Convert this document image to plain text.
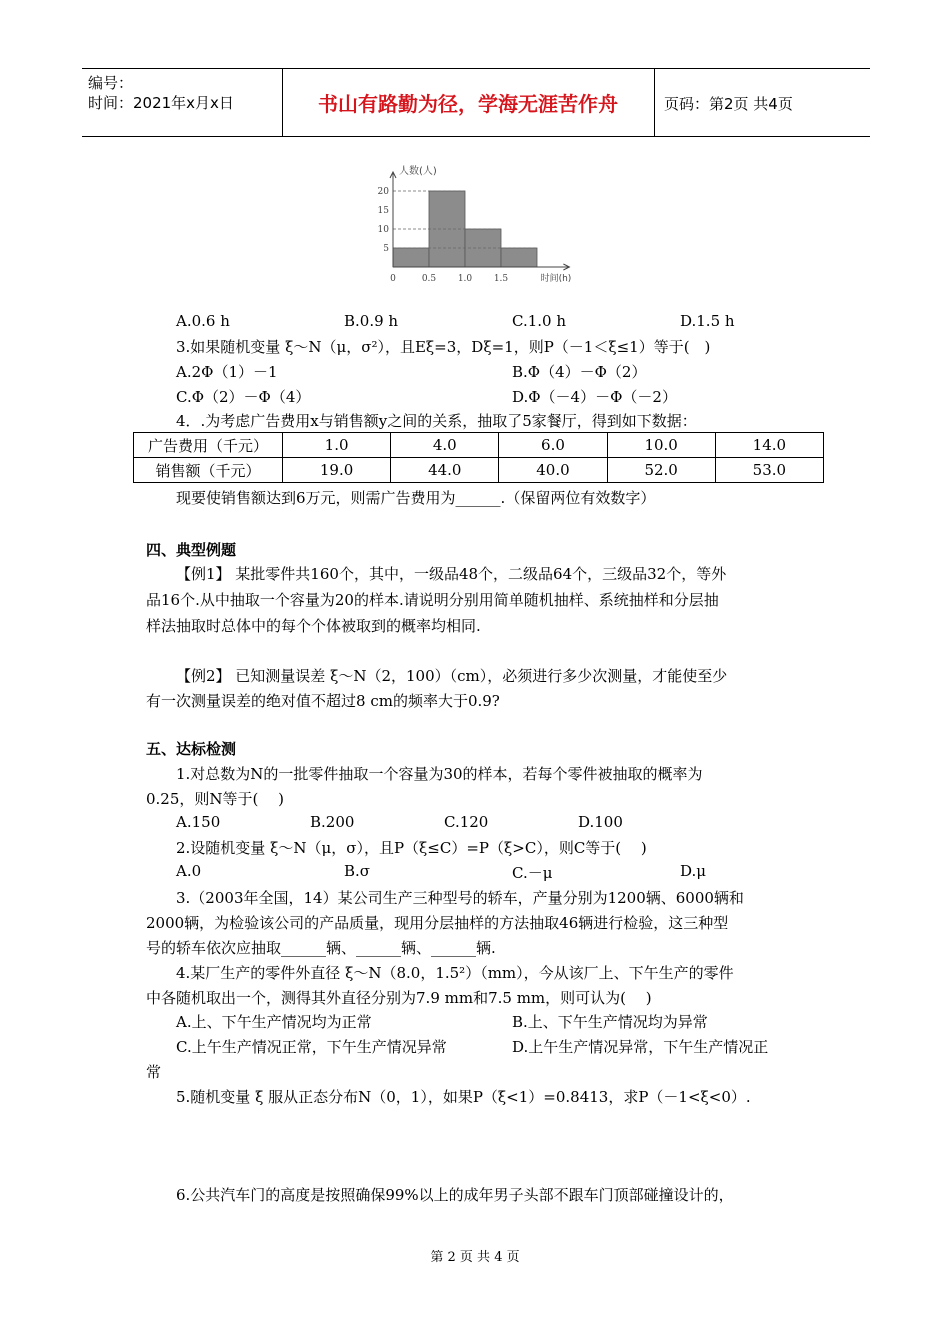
编号：
时间：2021年x月x日	书山有路勤为径，学海无涯苦作舟	页码：第2页 共4页
5
10
15
20
0	0.5 1.0 1.5
人数(人)
时间(h)
A.0.6 h	B.0.9 h	C.1.0 h	D.1.5 h
3.如果随机变量 ξ～N（μ，σ²），且Eξ=3，Dξ=1，则P（－1＜ξ≤1）等于(　)
A.2Φ（1）－1	B.Φ（4）－Φ（2）
C.Φ（2）－Φ（4）	D.Φ（－4）－Φ（－2）
4．.为考虑广告费用x与销售额y之间的关系，抽取了5家餐厅，得到如下数据：
广告费用（千元）	1.0	4.0	6.0	10.0	14.0
销售额（千元）	19.0	44.0	40.0	52.0	53.0
现要使销售额达到6万元，则需广告费用为______.（保留两位有效数字）
四、典型例题
【例1】 某批零件共160个，其中，一级品48个，二级品64个，三级品32个，等外
品16个.从中抽取一个容量为20的样本.请说明分别用简单随机抽样、系统抽样和分层抽
样法抽取时总体中的每个个体被取到的概率均相同.
【例2】 已知测量误差 ξ～N（2，100）（cm），必须进行多少次测量，才能使至少
有一次测量误差的绝对值不超过8 cm的频率大于0.9?
五、达标检测
1.对总数为N的一批零件抽取一个容量为30的样本，若每个零件被抽取的概率为
0.25，则N等于(　 )
A.150	B.200	C.120	D.100
2.设随机变量 ξ～N（μ，σ），且P（ξ≤C）=P（ξ>C），则C等于(　 )
A.0	B.σ	C.－μ	D.μ
3.（2003年全国，14）某公司生产三种型号的轿车，产量分别为1200辆、6000辆和
2000辆，为检验该公司的产品质量，现用分层抽样的方法抽取46辆进行检验，这三种型
号的轿车依次应抽取______辆、______辆、______辆.
4.某厂生产的零件外直径 ξ～N（8.0，1.5²）（mm），今从该厂上、下午生产的零件
中各随机取出一个，测得其外直径分别为7.9 mm和7.5 mm，则可认为(　 )
A.上、下午生产情况均为正常	B.上、下午生产情况均为异常
C.上午生产情况正常，下午生产情况异常	D.上午生产情况异常，下午生产情况正
常
5.随机变量 ξ 服从正态分布N（0，1），如果P（ξ<1）=0.8413，求P（－1<ξ<0）.
6.公共汽车门的高度是按照确保99%以上的成年男子头部不跟车门顶部碰撞设计的，
第 2 页 共 4 页
